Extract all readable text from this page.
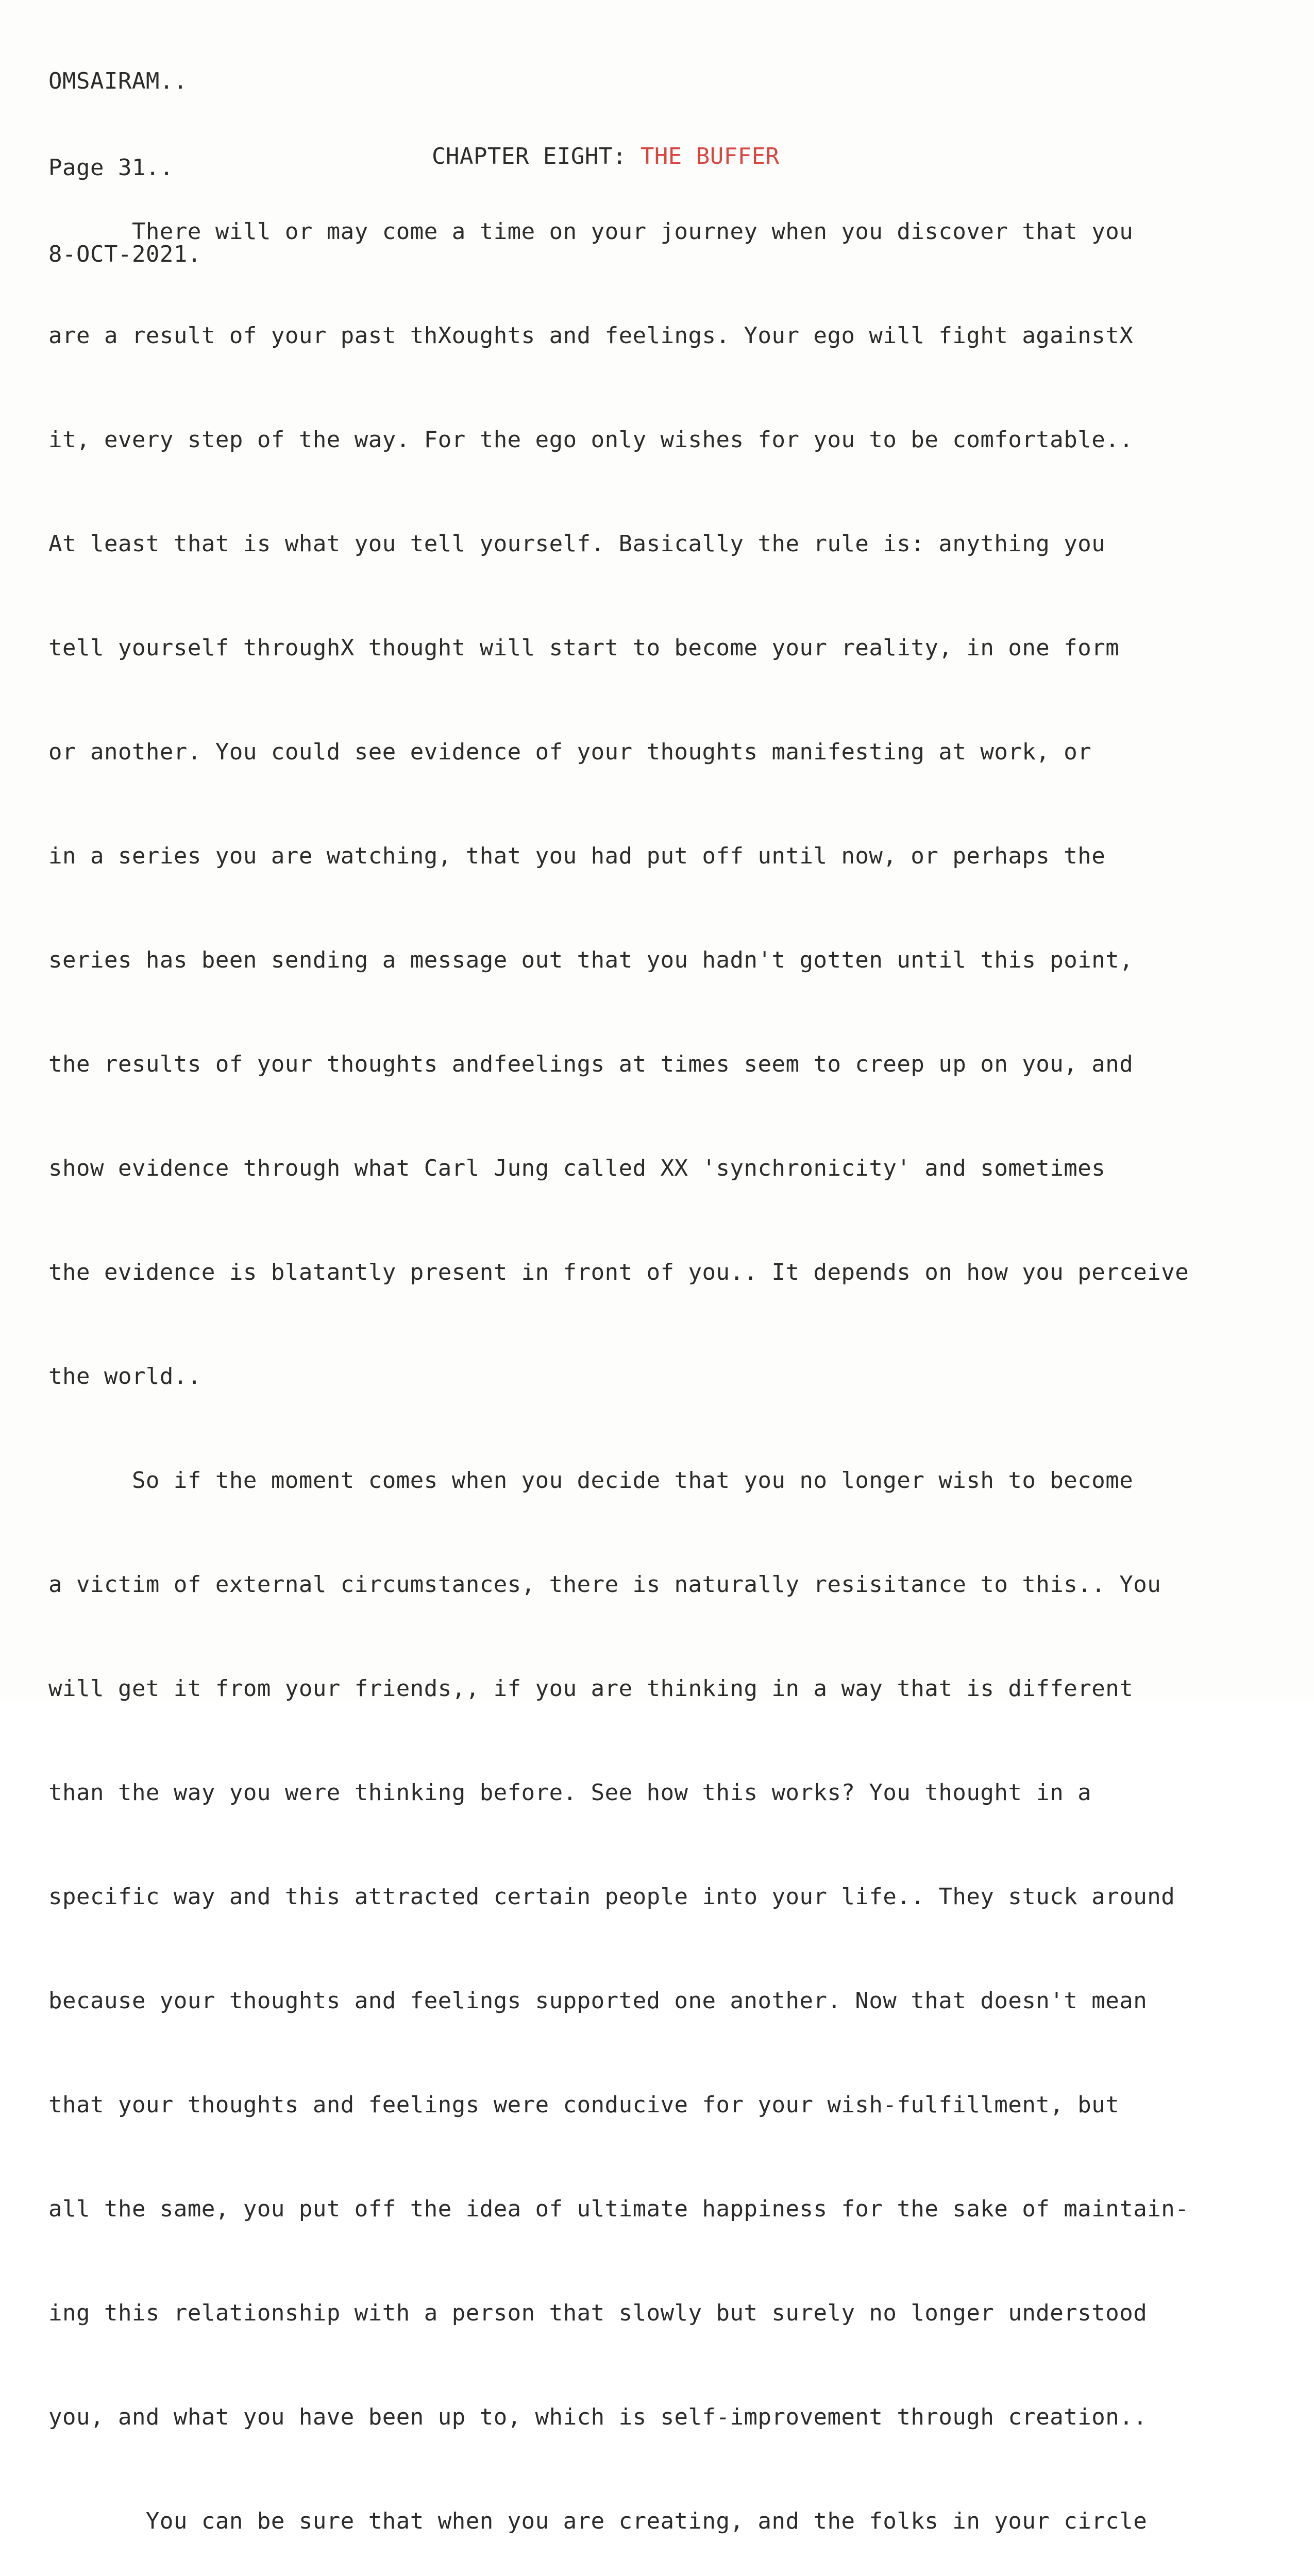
OMSAIRAM..

Page 31..

8-OCT-2021.

CHAPTER EIGHT: THE BUFFER

There will or may come a time on your journey when you discover that you

are a result of your past thXoughts and feelings. Your ego will fight againstX

it, every step of the way. For the ego only wishes for you to be comfortable..

At least that is what you tell yourself. Basically the rule is: anything you

tell yourself throughX thought will start to become your reality, in one form

or another. You could see evidence of your thoughts manifesting at work, or

in a series you are watching, that you had put off until now, or perhaps the

series has been sending a message out that you hadn't gotten until this point,

the results of your thoughts andfeelings at times seem to creep up on you, and

show evidence through what Carl Jung called XX 'synchronicity' and sometimes

the evidence is blatantly present in front of you.. It depends on how you perceive

the world..

So if the moment comes when you decide that you no longer wish to become

a victim of external circumstances, there is naturally resisitance to this.. You

will get it from your friends,, if you are thinking in a way that is different

than the way you were thinking before. See how this works? You thought in a

specific way and this attracted certain people into your life.. They stuck around

because your thoughts and feelings supported one another. Now that doesn't mean

that your thoughts and feelings were conducive for your wish-fulfillment, but

all the same, you put off the idea of ultimate happiness for the sake of maintain-

ing this relationship with a person that slowly but surely no longer understood

you, and what you have been up to, which is self-improvement through creation..

You can be sure that when you are creating, and the folks in your circle
